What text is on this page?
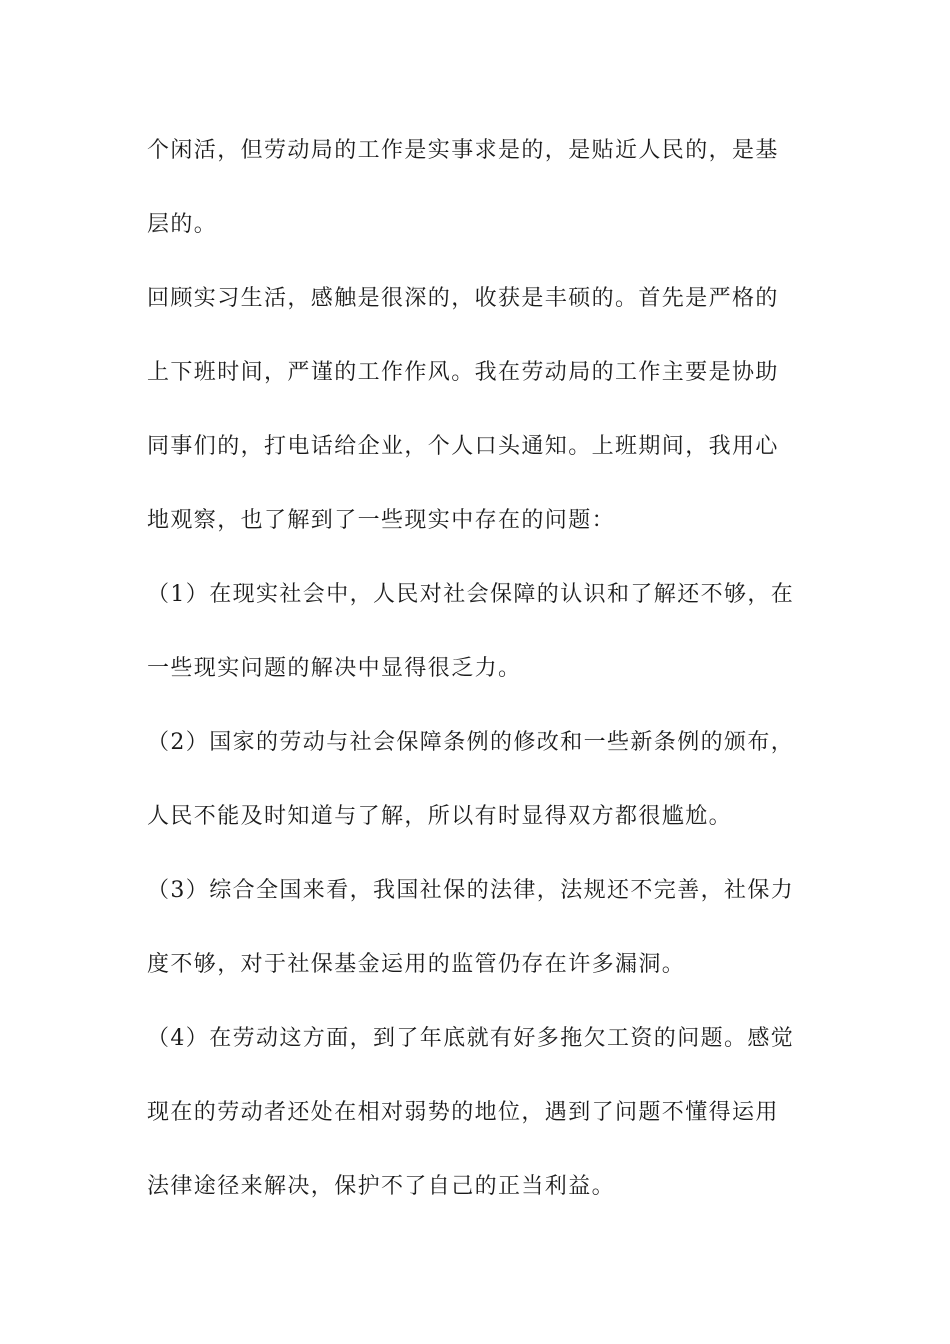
个闲活，但劳动局的工作是实事求是的，是贴近人民的，是基
层的。
回顾实习生活，感触是很深的，收获是丰硕的。首先是严格的
上下班时间，严谨的工作作风。我在劳动局的工作主要是协助
同事们的，打电话给企业，个人口头通知。上班期间，我用心
地观察，也了解到了一些现实中存在的问题：
（1）在现实社会中，人民对社会保障的认识和了解还不够，在
一些现实问题的解决中显得很乏力。
（2）国家的劳动与社会保障条例的修改和一些新条例的颁布，
人民不能及时知道与了解，所以有时显得双方都很尴尬。
（3）综合全国来看，我国社保的法律，法规还不完善，社保力
度不够，对于社保基金运用的监管仍存在许多漏洞。
（4）在劳动这方面，到了年底就有好多拖欠工资的问题。感觉
现在的劳动者还处在相对弱势的地位，遇到了问题不懂得运用
法律途径来解决，保护不了自己的正当利益。
